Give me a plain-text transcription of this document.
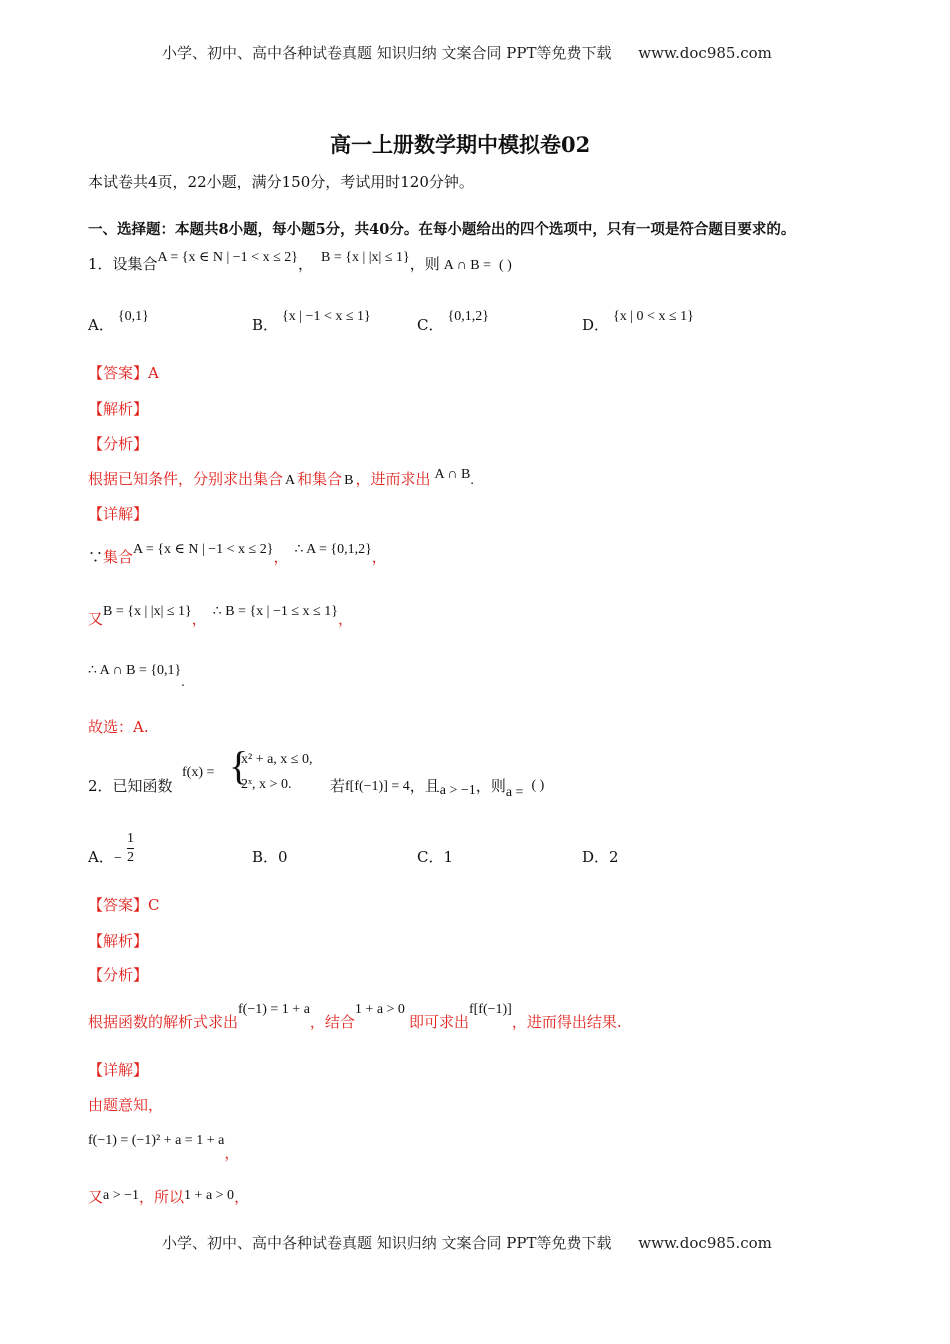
小学、初中、高中各种试卷真题 知识归纳 文案合同 PPT等免费下载 www.doc985.com
高一上册数学期中模拟卷02
本试卷共4页，22小题，满分150分，考试用时120分钟。
一、选择题：本题共8小题，每小题5分，共40分。在每小题给出的四个选项中，只有一项是符合题目要求的。
1．设集合A = {x ∈ N | −1 < x ≤ 2}， B = {x | |x| ≤ 1}，则 A ∩ B = ( )
A． {0,1}	B． {x | −1 < x ≤ 1}	C． {0,1,2}	D． {x | 0 < x ≤ 1}
【答案】A
【解析】
【分析】
根据已知条件，分别求出集合 A 和集合 B ，进而求出 A ∩ B.
【详解】
∵集合A = {x ∈ N | −1 < x ≤ 2}， ∴ A = {0,1,2}，
又B = {x | |x| ≤ 1}， ∴ B = {x | −1 ≤ x ≤ 1}，
∴ A ∩ B = {0,1}.
故选：A.
2．已知函数
f(x) = {
x² + a, x ≤ 0,
2ˣ, x > 0.	若f[f(−1)] = 4，且a > −1，则a = ( )
A．− $\frac{1}{2}$	B．0	C．1	D．2
【答案】C
【解析】
【分析】
根据函数的解析式求出f(−1) = 1 + a，结合1 + a > 0即可求出f[f(−1)]，进而得出结果.
【详解】
由题意知，
f(−1) = (−1)² + a = 1 + a，
又a > −1，所以1 + a > 0，
小学、初中、高中各种试卷真题 知识归纳 文案合同 PPT等免费下载 www.doc985.com
